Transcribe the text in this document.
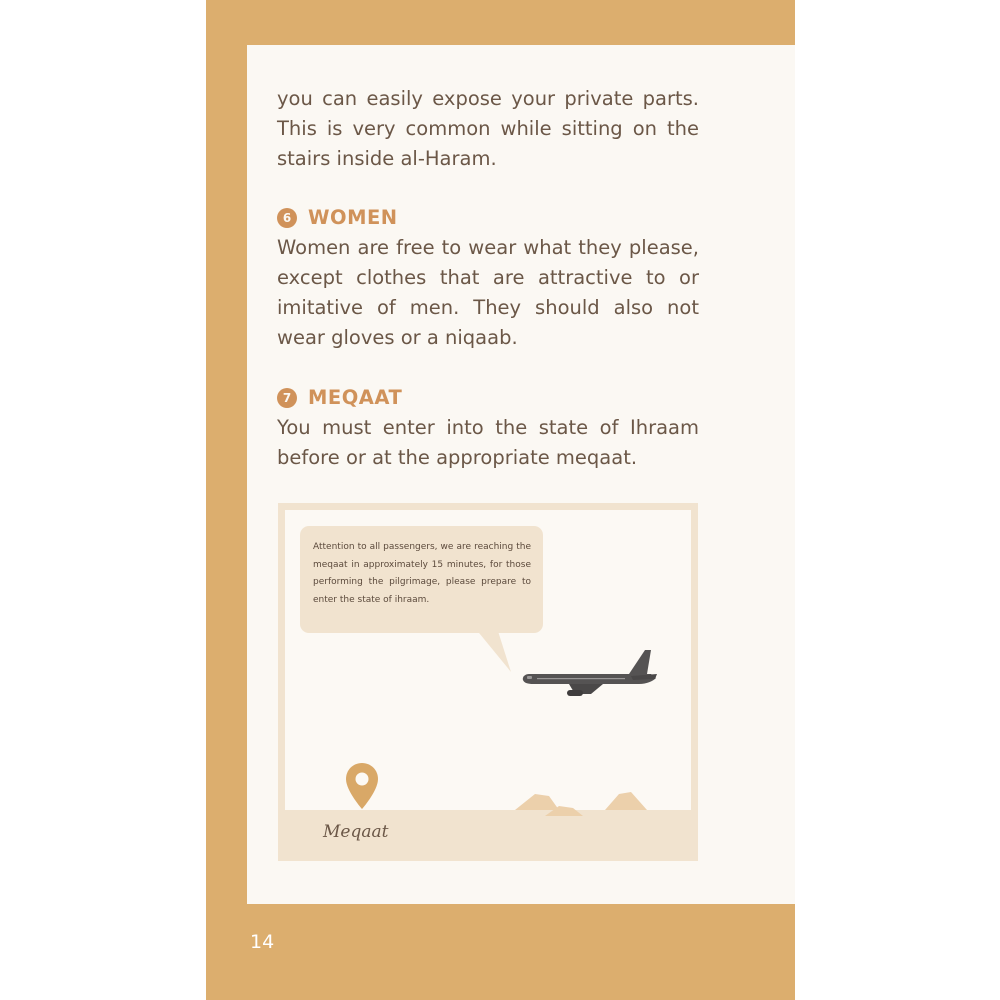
you can easily expose your private parts. This is very common while sitting on the stairs inside al-Haram.

6 WOMEN

Women are free to wear what they please, except clothes that are attractive to or imitative of men. They should also not wear gloves or a niqaab.

7 MEQAAT

You must enter into the state of Ihraam before or at the appropriate meqaat.

Attention to all passengers, we are reaching the meqaat in approximately 15 minutes, for those performing the pilgrimage, please prepare to enter the state of ihraam.

Meqaat
14
